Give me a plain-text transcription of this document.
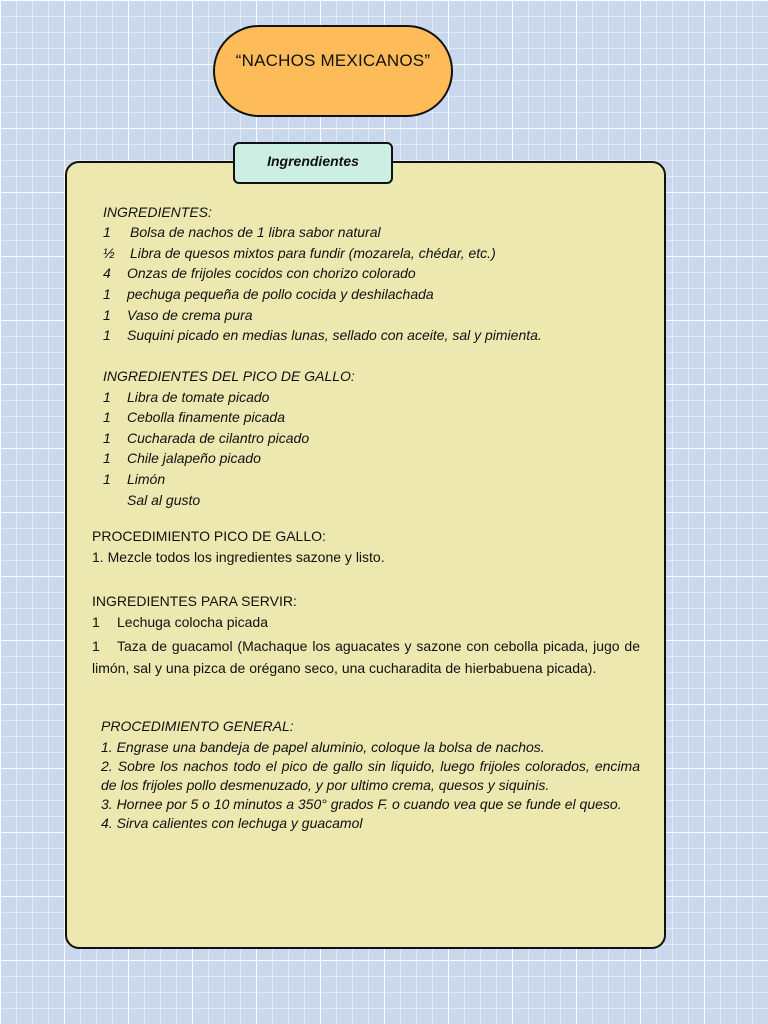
“NACHOS MEXICANOS”
Ingrendientes
INGREDIENTES:
1 Bolsa de nachos de 1 libra sabor natural
½ Libra de quesos mixtos para fundir (mozarela, chédar, etc.)
4 Onzas de frijoles cocidos con chorizo colorado
1 pechuga pequeña de pollo cocida y deshilachada
1 Vaso de crema pura
1 Suquini picado en medias lunas, sellado con aceite, sal y pimienta.
INGREDIENTES DEL PICO DE GALLO:
1 Libra de tomate picado
1 Cebolla finamente picada
1 Cucharada de cilantro picado
1 Chile jalapeño picado
1 Limón
Sal al gusto
PROCEDIMIENTO PICO DE GALLO:
1. Mezcle todos los ingredientes sazone y listo.
INGREDIENTES PARA SERVIR:
1 Lechuga colocha picada
1 Taza de guacamol (Machaque los aguacates y sazone con cebolla picada, jugo de limón, sal y una pizca de orégano seco, una cucharadita de hierbabuena picada).
PROCEDIMIENTO GENERAL:
1. Engrase una bandeja de papel aluminio, coloque la bolsa de nachos.
2. Sobre los nachos todo el pico de gallo sin liquido, luego frijoles colorados, encima de los frijoles pollo desmenuzado, y por ultimo crema, quesos y siquinis.
3. Hornee por 5 o 10 minutos a 350° grados F. o cuando vea que se funde el queso.
4. Sirva calientes con lechuga y guacamol
